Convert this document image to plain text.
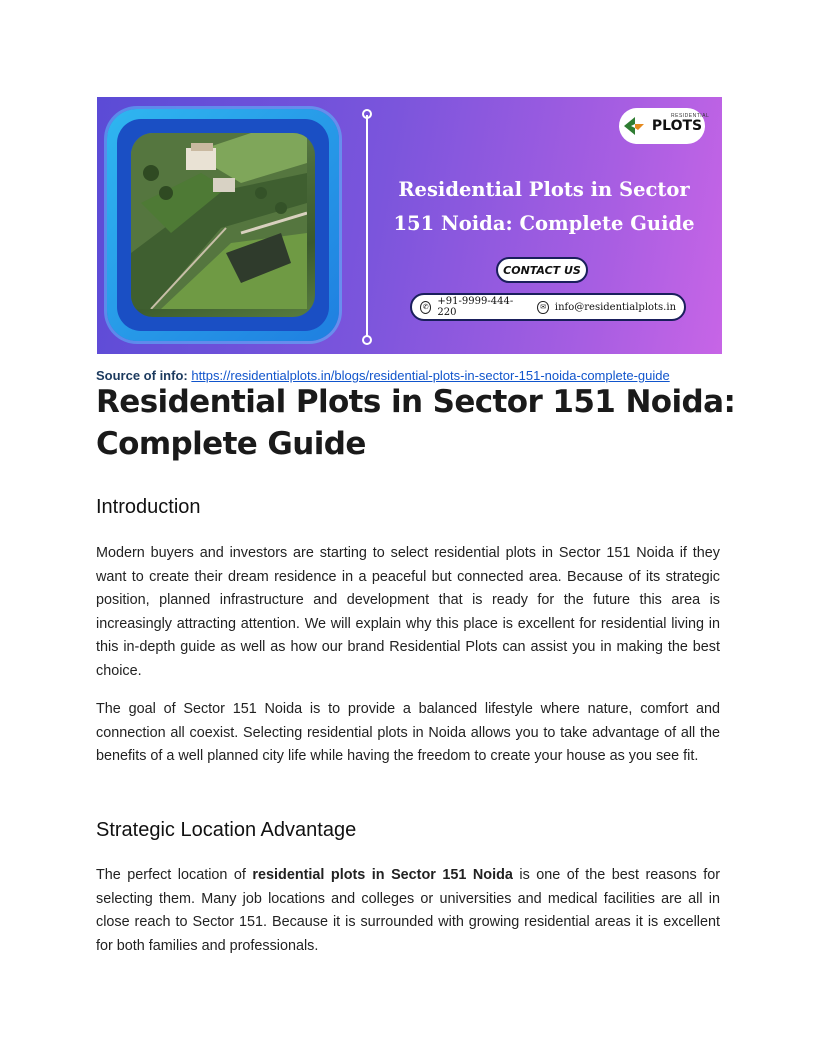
RESIDENTIAL
PLOTS
Residential Plots in Sector
151 Noida: Complete Guide
CONTACT US
✆ +91-9999-444-220	✉ info@residentialplots.in
Source of info: https://residentialplots.in/blogs/residential-plots-in-sector-151-noida-complete-guide
Residential Plots in Sector 151 Noida:
Complete Guide
Introduction

Modern buyers and investors are starting to select residential plots in Sector 151 Noida if they want to create their dream residence in a peaceful but connected area. Because of its strategic position, planned infrastructure and development that is ready for the future this area is increasingly attracting attention. We will explain why this place is excellent for residential living in this in-depth guide as well as how our brand Residential Plots can assist you in making the best choice.

The goal of Sector 151 Noida is to provide a balanced lifestyle where nature, comfort and connection all coexist. Selecting residential plots in Noida allows you to take advantage of all the benefits of a well planned city life while having the freedom to create your house as you see fit.

Strategic Location Advantage

The perfect location of residential plots in Sector 151 Noida is one of the best reasons for selecting them. Many job locations and colleges or universities and medical facilities are all in close reach to Sector 151. Because it is surrounded with growing residential areas it is excellent for both families and professionals.
